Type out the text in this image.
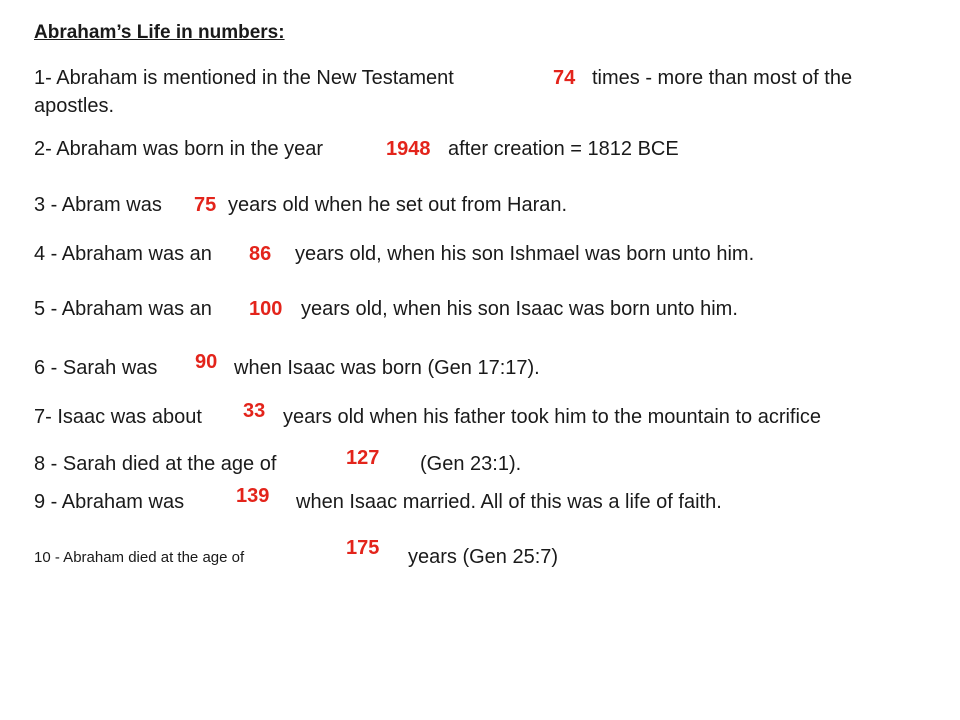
Abraham’s Life in numbers:
1- Abraham is mentioned in the New Testament	74 times - more than most of the
apostles.
2- Abraham was born in the year	1948 after creation = 1812 BCE
3 - Abram was 75 years old when he set out from Haran.
4 - Abraham was an 86 years old, when his son Ishmael was born unto him.
5 - Abraham was an 100 years old, when his son Isaac was born unto him.
6 - Sarah was 90 when Isaac was born (Gen 17:17).
7- Isaac was about 33 years old when his father took him to the mountain to acrifice
8 - Sarah died at the age of	127 (Gen 23:1).
9 - Abraham was	139 when Isaac married. All of this was a life of faith.
10 - Abraham died at the age of	175 years (Gen 25:7)
